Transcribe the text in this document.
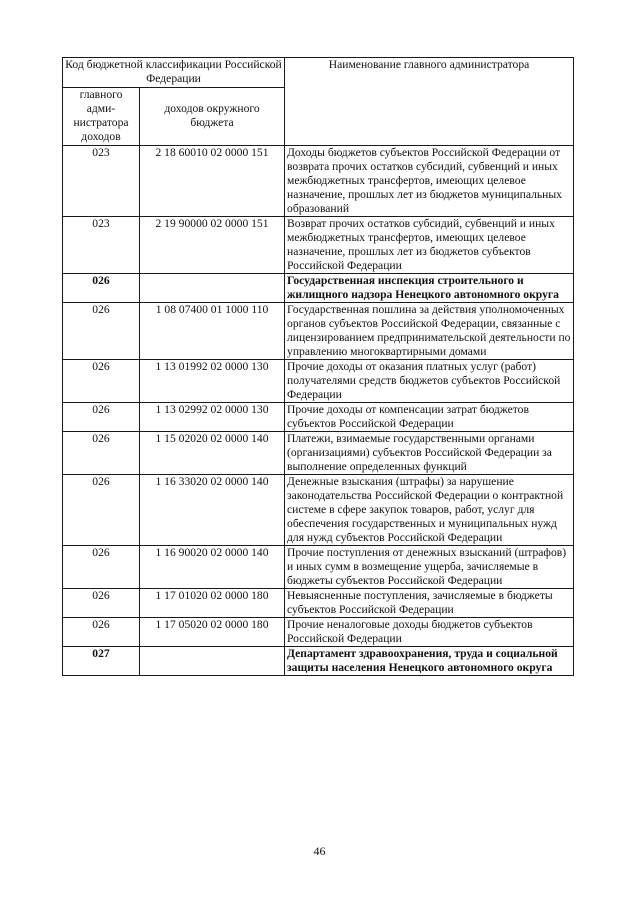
Код бюджетной классификации Российской Федерации		Наименование главного администратора
главного адми-нистратора доходов	доходов окружного бюджета	
023	2 18 60010 02 0000 151	Доходы бюджетов субъектов Российской Федерации от возврата прочих остатков субсидий, субвенций и иных межбюджетных трансфертов, имеющих целевое назначение, прошлых лет из бюджетов муниципальных образований
023	2 19 90000 02 0000 151	Возврат прочих остатков субсидий, субвенций и иных межбюджетных трансфертов, имеющих целевое назначение, прошлых лет из бюджетов субъектов Российской Федерации
026		Государственная инспекция строительного и жилищного надзора Ненецкого автономного округа
026	1 08 07400 01 1000 110	Государственная пошлина за действия уполномоченных органов субъектов Российской Федерации, связанные с лицензированием предпринимательской деятельности по управлению многоквартирными домами
026	1 13 01992 02 0000 130	Прочие доходы от оказания платных услуг (работ) получателями средств бюджетов субъектов Российской Федерации
026	1 13 02992 02 0000 130	Прочие доходы от компенсации затрат бюджетов субъектов Российской Федерации
026	1 15 02020 02 0000 140	Платежи, взимаемые государственными органами (организациями) субъектов Российской Федерации за выполнение определенных функций
026	1 16 33020 02 0000 140	Денежные взыскания (штрафы) за нарушение законодательства Российской Федерации о контрактной системе в сфере закупок товаров, работ, услуг для обеспечения государственных и муниципальных нужд для нужд субъектов Российской Федерации
026	1 16 90020 02 0000 140	Прочие поступления от денежных взысканий (штрафов) и иных сумм в возмещение ущерба, зачисляемые в бюджеты субъектов Российской Федерации
026	1 17 01020 02 0000 180	Невыясненные поступления, зачисляемые в бюджеты субъектов Российской Федерации
026	1 17 05020 02 0000 180	Прочие неналоговые доходы бюджетов субъектов Российской Федерации
027		Департамент здравоохранения, труда и социальной защиты населения Ненецкого автономного округа
46
